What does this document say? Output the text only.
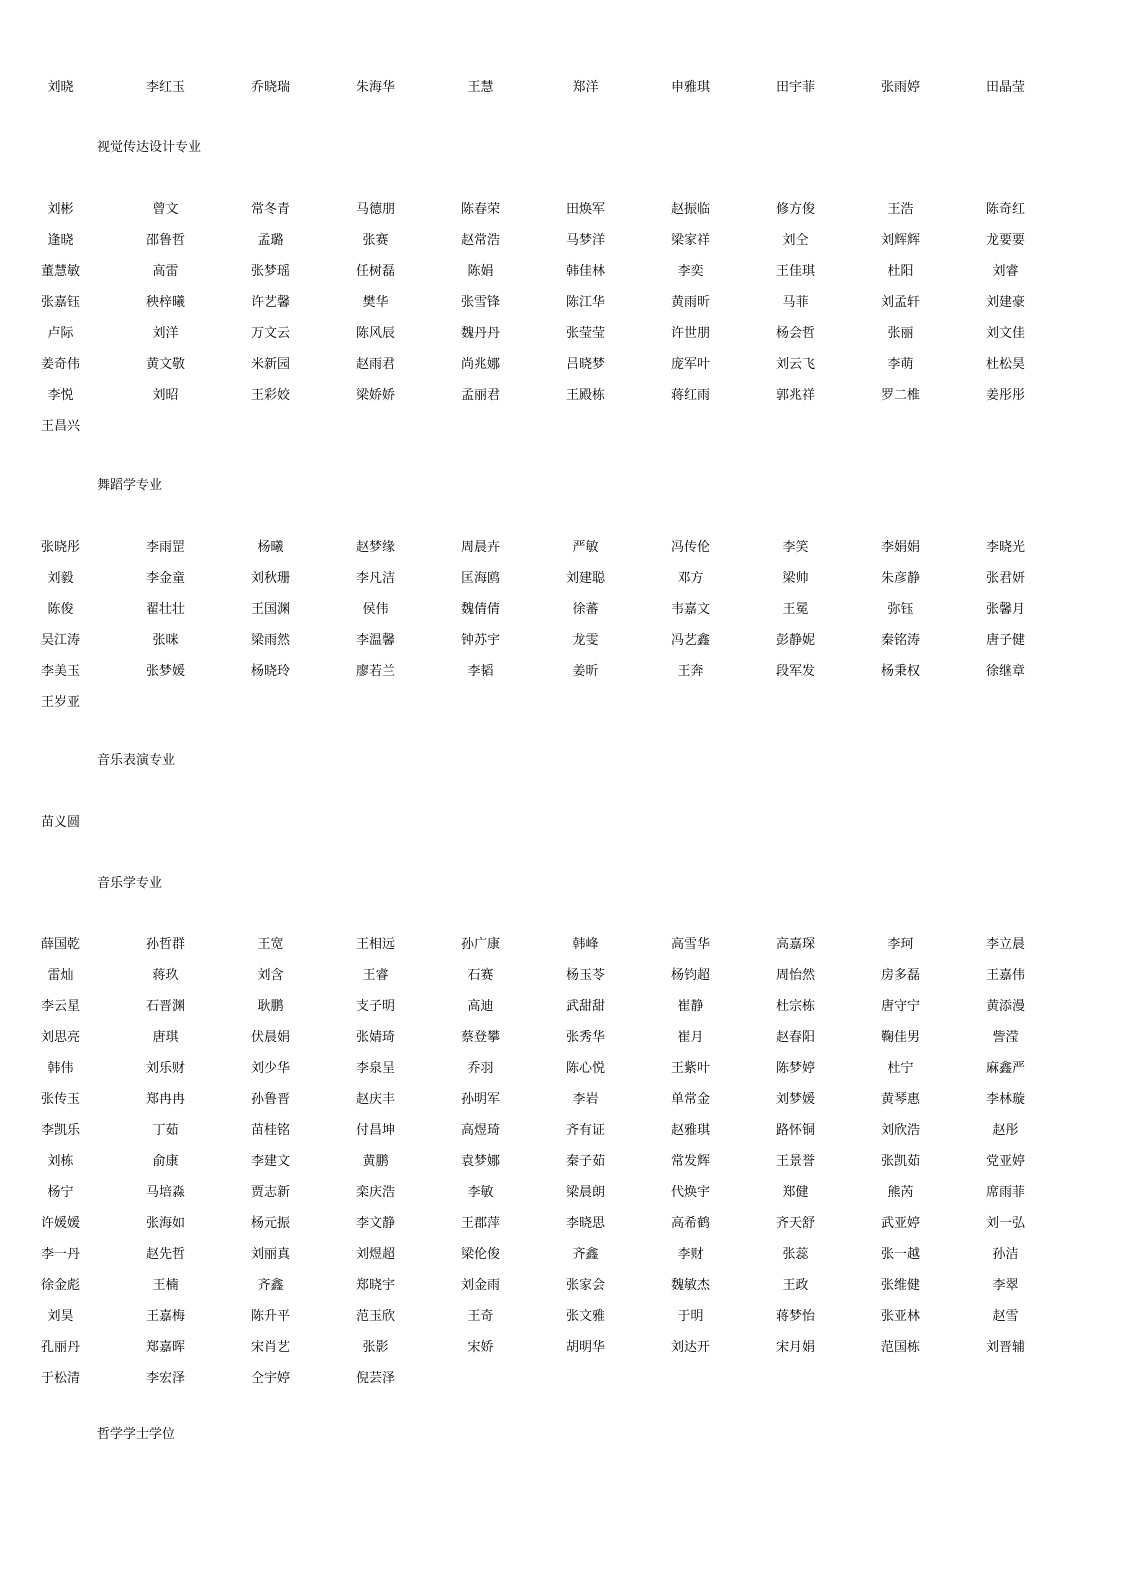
刘晓	李红玉	乔晓瑞	朱海华	王慧	郑洋	申雅琪	田宇菲	张雨婷	田晶莹
视觉传达设计专业
刘彬	曾文	常冬青	马德朋	陈春荣	田焕军	赵振临	修方俊	王浩	陈奇红
逢晓	邵鲁哲	孟璐	张赛	赵常浩	马梦洋	梁家祥	刘仝	刘辉辉	龙要要
董慧敏	高雷	张梦瑶	任树磊	陈娟	韩佳林	李奕	王佳琪	杜阳	刘睿
张嘉钰	秧梓曦	许艺馨	樊华	张雪锋	陈江华	黄雨昕	马菲	刘孟轩	刘建豪
卢际	刘洋	万文云	陈风辰	魏丹丹	张莹莹	许世朋	杨会哲	张丽	刘文佳
姜奇伟	黄文敬	米新园	赵雨君	尚兆娜	吕晓梦	庞军叶	刘云飞	李萌	杜松昊
李悦	刘昭	王彩姣	梁娇娇	孟丽君	王殿栋	蒋红雨	郭兆祥	罗二椎	姜彤彤
王昌兴
舞蹈学专业
张晓彤	李雨罡	杨曦	赵梦缘	周晨卉	严敏	冯传伦	李笑	李娟娟	李晓光
刘毅	李金童	刘秋珊	李凡洁	匡海鸥	刘建聪	邓方	梁帅	朱彦静	张君妍
陈俊	翟壮壮	王国渊	侯伟	魏倩倩	徐蕃	韦嘉文	王冕	弥钰	张馨月
吴江涛	张咪	梁雨然	李温馨	钟苏宇	龙雯	冯艺鑫	彭静妮	秦铭涛	唐子健
李美玉	张梦媛	杨晓玲	廖若兰	李韬	姜昕	王奔	段军发	杨秉权	徐继章
王岁亚
音乐表演专业
苗义圆
音乐学专业
薛国乾	孙哲群	王宽	王相远	孙广康	韩峰	高雪华	高嘉琛	李珂	李立晨
雷灿	蒋玖	刘含	王睿	石赛	杨玉苓	杨钧超	周怡然	房多磊	王嘉伟
李云星	石晋渊	耿鹏	支子明	高迪	武甜甜	崔静	杜宗栋	唐守宁	黄添漫
刘思亮	唐琪	伏晨娟	张婧琦	蔡登攀	张秀华	崔月	赵春阳	鞠佳男	訾滢
韩伟	刘乐财	刘少华	李泉呈	乔羽	陈心悦	王紫叶	陈梦婷	杜宁	麻鑫严
张传玉	郑冉冉	孙鲁晋	赵庆丰	孙明军	李岩	单常金	刘梦媛	黄琴惠	李林璇
李凯乐	丁茹	苗桂铭	付昌坤	高煜琦	齐有证	赵雅琪	路怀铜	刘欣浩	赵彤
刘栋	俞康	李建文	黄鹏	袁梦娜	秦子茹	常发辉	王景誉	张凯茹	党亚婷
杨宁	马培淼	贾志新	栾庆浩	李敏	梁晨朗	代焕宇	郑健	熊芮	席雨菲
许媛媛	张海如	杨元振	李文静	王郡萍	李晓思	高希鹤	齐天舒	武亚婷	刘一弘
李一丹	赵先哲	刘丽真	刘煜超	梁伦俊	齐鑫	李财	张蕊	张一越	孙洁
徐金彪	王楠	齐鑫	郑晓宇	刘金雨	张家会	魏敏杰	王政	张维健	李翠
刘昊	王嘉梅	陈升平	范玉欣	王奇	张文雅	于明	蒋梦怡	张亚林	赵雪
孔丽丹	郑嘉晖	宋肖艺	张影	宋娇	胡明华	刘达开	宋月娟	范国栋	刘晋辅
于松清	李宏泽	仝宇婷	倪芸泽
哲学学士学位
